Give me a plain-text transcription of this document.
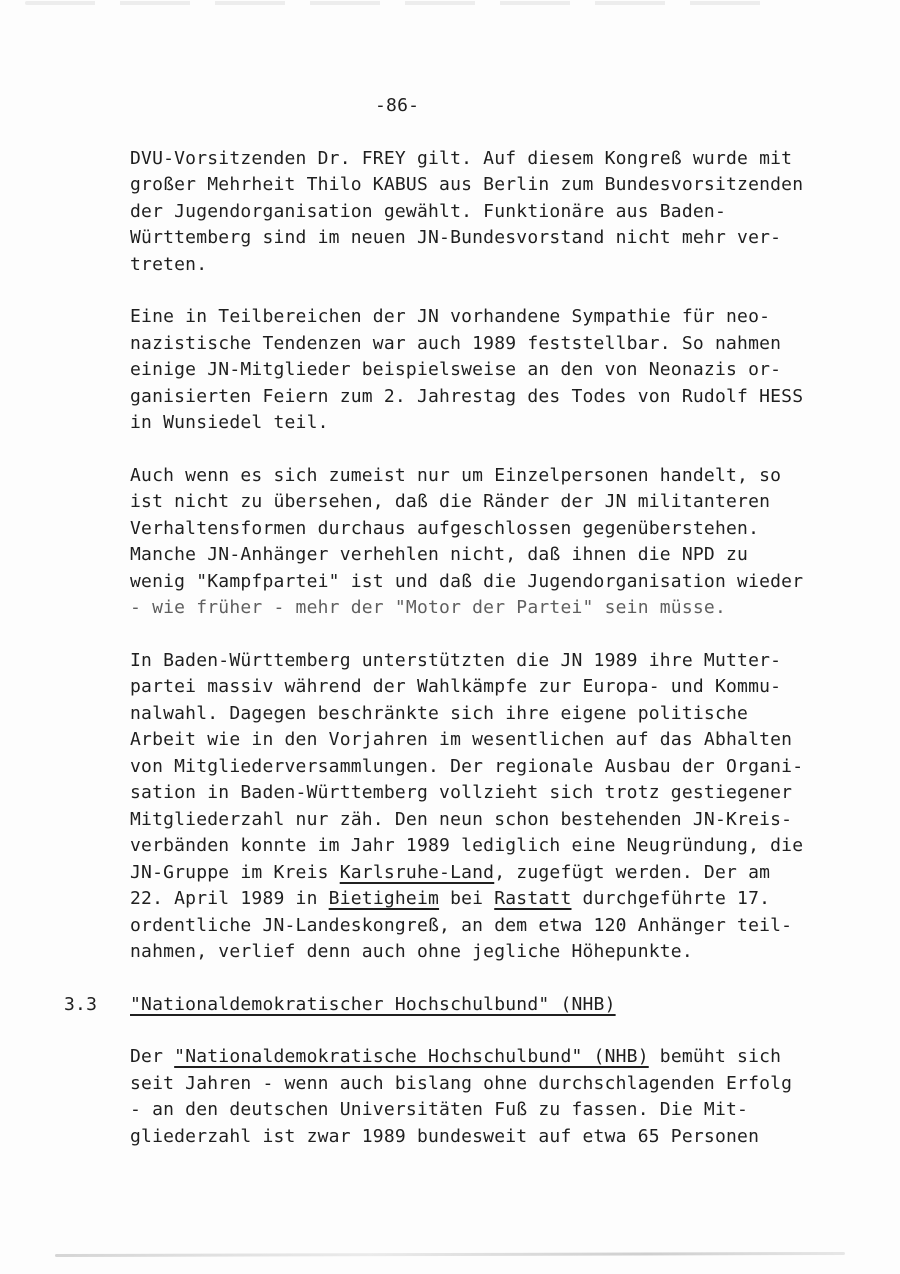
-86-
DVU-Vorsitzenden Dr. FREY gilt. Auf diesem Kongreß wurde mit
großer Mehrheit Thilo KABUS aus Berlin zum Bundesvorsitzenden
der Jugendorganisation gewählt. Funktionäre aus Baden-
Württemberg sind im neuen JN-Bundesvorstand nicht mehr ver-
treten.
Eine in Teilbereichen der JN vorhandene Sympathie für neo-
nazistische Tendenzen war auch 1989 feststellbar. So nahmen
einige JN-Mitglieder beispielsweise an den von Neonazis or-
ganisierten Feiern zum 2. Jahrestag des Todes von Rudolf HESS
in Wunsiedel teil.
Auch wenn es sich zumeist nur um Einzelpersonen handelt, so
ist nicht zu übersehen, daß die Ränder der JN militanteren
Verhaltensformen durchaus aufgeschlossen gegenüberstehen.
Manche JN-Anhänger verhehlen nicht, daß ihnen die NPD zu
wenig "Kampfpartei" ist und daß die Jugendorganisation wieder
- wie früher - mehr der "Motor der Partei" sein müsse.
In Baden-Württemberg unterstützten die JN 1989 ihre Mutter-
partei massiv während der Wahlkämpfe zur Europa- und Kommu-
nalwahl. Dagegen beschränkte sich ihre eigene politische
Arbeit wie in den Vorjahren im wesentlichen auf das Abhalten
von Mitgliederversammlungen. Der regionale Ausbau der Organi-
sation in Baden-Württemberg vollzieht sich trotz gestiegener
Mitgliederzahl nur zäh. Den neun schon bestehenden JN-Kreis-
verbänden konnte im Jahr 1989 lediglich eine Neugründung, die
JN-Gruppe im Kreis Karlsruhe-Land, zugefügt werden. Der am
22. April 1989 in Bietigheim bei Rastatt durchgeführte 17.
ordentliche JN-Landeskongreß, an dem etwa 120 Anhänger teil-
nahmen, verlief denn auch ohne jegliche Höhepunkte.
3.3 "Nationaldemokratischer Hochschulbund" (NHB)
Der "Nationaldemokratische Hochschulbund" (NHB) bemüht sich
seit Jahren - wenn auch bislang ohne durchschlagenden Erfolg
- an den deutschen Universitäten Fuß zu fassen. Die Mit-
gliederzahl ist zwar 1989 bundesweit auf etwa 65 Personen
